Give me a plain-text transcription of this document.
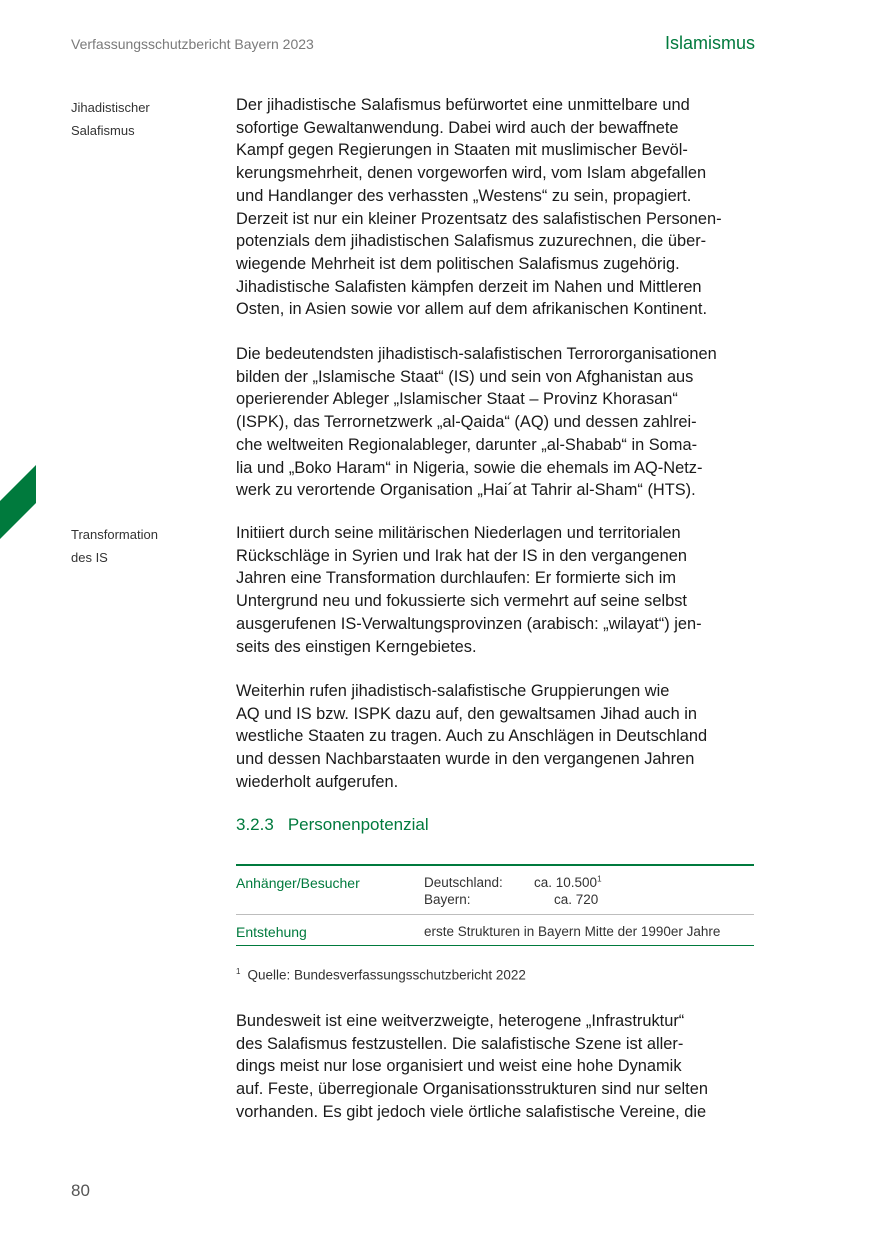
Verfassungsschutzbericht Bayern 2023	Islamismus
Jihadistischer
Salafismus
Transformation
des IS
Der jihadistische Salafismus befürwortet eine unmittelbare und
sofortige Gewaltanwendung. Dabei wird auch der bewaffnete
Kampf gegen Regierungen in Staaten mit muslimischer Bevöl-
kerungsmehrheit, denen vorgeworfen wird, vom Islam abgefallen
und Handlanger des verhassten „Westens“ zu sein, propagiert.
Derzeit ist nur ein kleiner Prozentsatz des salafistischen Personen-
potenzials dem jihadistischen Salafismus zuzurechnen, die über-
wiegende Mehrheit ist dem politischen Salafismus zugehörig.
Jihadistische Salafisten kämpfen derzeit im Nahen und Mittleren
Osten, in Asien sowie vor allem auf dem afrikanischen Kontinent.
Die bedeutendsten jihadistisch-salafistischen Terrororganisationen
bilden der „Islamische Staat“ (IS) und sein von Afghanistan aus
operierender Ableger „Islamischer Staat – Provinz Khorasan“
(ISPK), das Terrornetzwerk „al-Qaida“ (AQ) und dessen zahlrei-
che weltweiten Regionalableger, darunter „al-Shabab“ in Soma-
lia und „Boko Haram“ in Nigeria, sowie die ehemals im AQ-Netz-
werk zu verortende Organisation „Hai´at Tahrir al-Sham“ (HTS).
Initiiert durch seine militärischen Niederlagen und territorialen
Rückschläge in Syrien und Irak hat der IS in den vergangenen
Jahren eine Transformation durchlaufen: Er formierte sich im
Untergrund neu und fokussierte sich vermehrt auf seine selbst
ausgerufenen IS-Verwaltungsprovinzen (arabisch: „wilayat“) jen-
seits des einstigen Kerngebietes.
Weiterhin rufen jihadistisch-salafistische Gruppierungen wie
AQ und IS bzw. ISPK dazu auf, den gewaltsamen Jihad auch in
westliche Staaten zu tragen. Auch zu Anschlägen in Deutschland
und dessen Nachbarstaaten wurde in den vergangenen Jahren
wiederholt aufgerufen.
3.2.3 Personenpotenzial
Anhänger/Besucher	Deutschland: ca. 10.500$^1$
Bayern:	ca. 720
Entstehung	erste Strukturen in Bayern Mitte der 1990er Jahre
$^1$ Quelle: Bundesverfassungsschutzbericht 2022
Bundesweit ist eine weitverzweigte, heterogene „Infrastruktur“
des Salafismus festzustellen. Die salafistische Szene ist aller-
dings meist nur lose organisiert und weist eine hohe Dynamik
auf. Feste, überregionale Organisationsstrukturen sind nur selten
vorhanden. Es gibt jedoch viele örtliche salafistische Vereine, die
80
